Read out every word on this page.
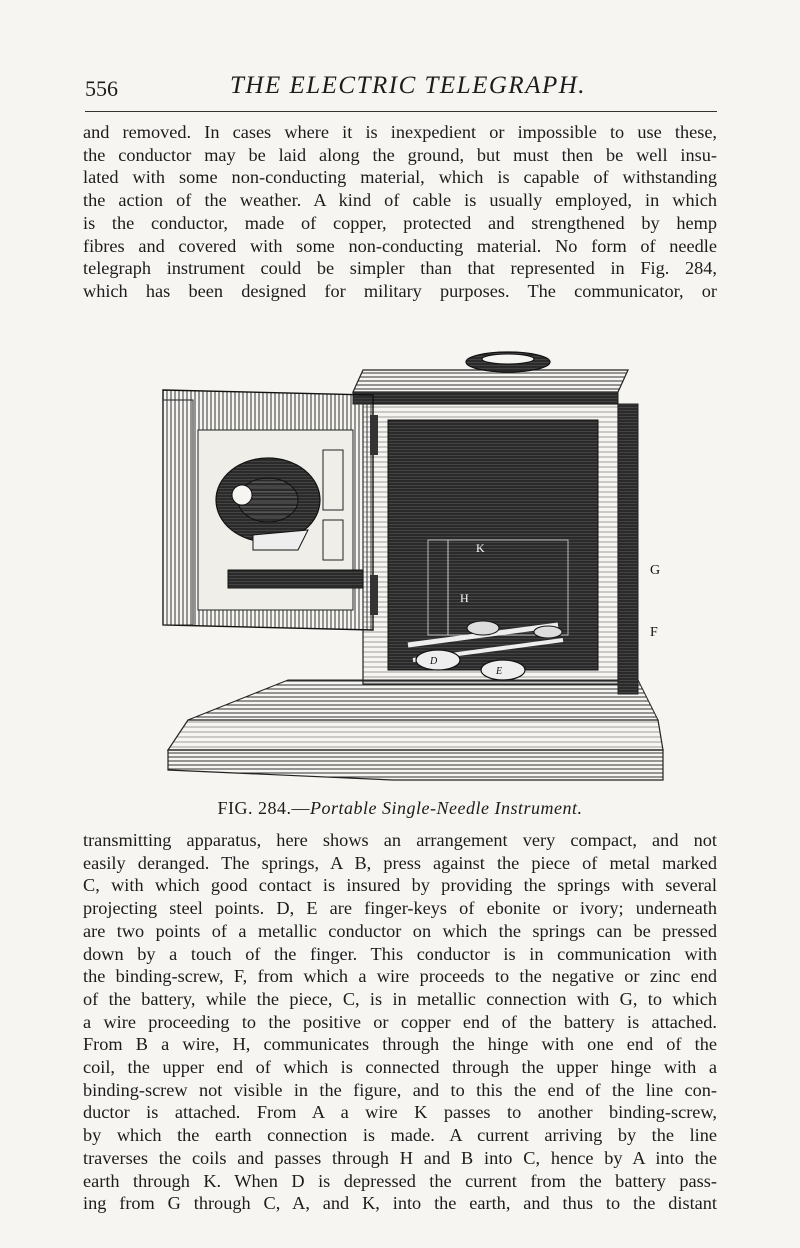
556	THE ELECTRIC TELEGRAPH.
and removed. In cases where it is inexpedient or impossible to use these,
the conductor may be laid along the ground, but must then be well insu-
lated with some non-conducting material, which is capable of withstanding
the action of the weather. A kind of cable is usually employed, in which
is the conductor, made of copper, protected and strengthened by hemp
fibres and covered with some non-conducting material. No form of needle
telegraph instrument could be simpler than that represented in Fig. 284,
which has been designed for military purposes. The communicator, or
K
H
D
E
G
F
FIG. 284.—Portable Single-Needle Instrument.
transmitting apparatus, here shows an arrangement very compact, and not
easily deranged. The springs, A B, press against the piece of metal marked
C, with which good contact is insured by providing the springs with several
projecting steel points. D, E are finger-keys of ebonite or ivory; underneath
are two points of a metallic conductor on which the springs can be pressed
down by a touch of the finger. This conductor is in communication with
the binding-screw, F, from which a wire proceeds to the negative or zinc end
of the battery, while the piece, C, is in metallic connection with G, to which
a wire proceeding to the positive or copper end of the battery is attached.
From B a wire, H, communicates through the hinge with one end of the
coil, the upper end of which is connected through the upper hinge with a
binding-screw not visible in the figure, and to this the end of the line con-
ductor is attached. From A a wire K passes to another binding-screw,
by which the earth connection is made. A current arriving by the line
traverses the coils and passes through H and B into C, hence by A into the
earth through K. When D is depressed the current from the battery pass-
ing from G through C, A, and K, into the earth, and thus to the distant
